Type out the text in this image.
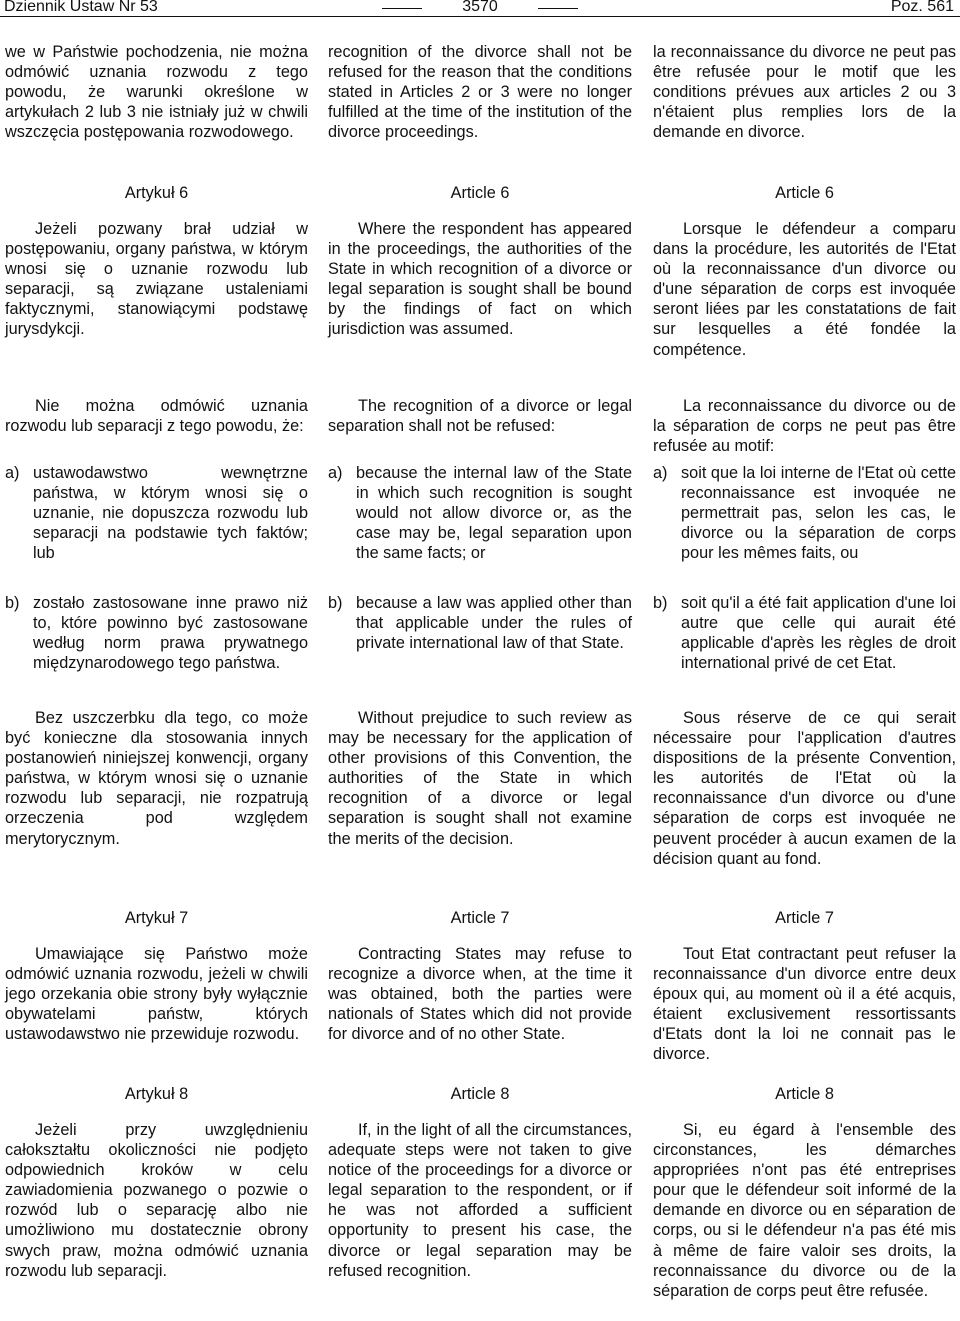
Dziennik Ustaw Nr 53	3570	Poz. 561
we w Państwie pochodzenia, nie można odmówić uznania rozwodu z tego powodu, że warunki określone w artykułach 2 lub 3 nie istniały już w chwili wszczęcia postępowania rozwodowego.
Artykuł 6
Jeżeli pozwany brał udział w postępowaniu, organy państwa, w którym wnosi się o uznanie rozwodu lub separacji, są związane ustaleniami faktycznymi, stanowiącymi podstawę jurysdykcji.
Nie można odmówić uznania rozwodu lub separacji z tego powodu, że:
a) ustawodawstwo wewnętrzne państwa, w którym wnosi się o uznanie, nie dopuszcza rozwodu lub separacji na podstawie tych faktów; lub
b) zostało zastosowane inne prawo niż to, które powinno być zastosowane według norm prawa prywatnego międzynarodowego tego państwa.
Bez uszczerbku dla tego, co może być konieczne dla stosowania innych postanowień niniejszej konwencji, organy państwa, w którym wnosi się o uznanie rozwodu lub separacji, nie rozpatrują orzeczenia pod względem merytorycznym.
Artykuł 7
Umawiające się Państwo może odmówić uznania rozwodu, jeżeli w chwili jego orzekania obie strony były wyłącznie obywatelami państw, których ustawodawstwo nie przewiduje rozwodu.
Artykuł 8
Jeżeli przy uwzględnieniu całokształtu okoliczności nie podjęto odpowiednich kroków w celu zawiadomienia pozwanego o pozwie o rozwód lub o separację albo nie umożliwiono mu dostatecznie obrony swych praw, można odmówić uznania rozwodu lub separacji.
recognition of the divorce shall not be refused for the reason that the conditions stated in Articles 2 or 3 were no longer fulfilled at the time of the institution of the divorce proceedings.
Article 6
Where the respondent has appeared in the proceedings, the authorities of the State in which recognition of a divorce or legal separation is sought shall be bound by the findings of fact on which jurisdiction was assumed.
The recognition of a divorce or legal separation shall not be refused:
a) because the internal law of the State in which such recognition is sought would not allow divorce or, as the case may be, legal separation upon the same facts; or
b) because a law was applied other than that applicable under the rules of private international law of that State.
Without prejudice to such review as may be necessary for the application of other provisions of this Convention, the authorities of the State in which recognition of a divorce or legal separation is sought shall not examine the merits of the decision.
Article 7
Contracting States may refuse to recognize a divorce when, at the time it was obtained, both the parties were nationals of States which did not provide for divorce and of no other State.
Article 8
If, in the light of all the circumstances, adequate steps were not taken to give notice of the proceedings for a divorce or legal separation to the respondent, or if he was not afforded a sufficient opportunity to present his case, the divorce or legal separation may be refused recognition.
la reconnaissance du divorce ne peut pas être refusée pour le motif que les conditions prévues aux articles 2 ou 3 n'étaient plus remplies lors de la demande en divorce.
Article 6
Lorsque le défendeur a comparu dans la procédure, les autorités de l'Etat où la reconnaissance d'un divorce ou d'une séparation de corps est invoquée seront liées par les constatations de fait sur lesquelles a été fondée la compétence.
La reconnaissance du divorce ou de la séparation de corps ne peut pas être refusée au motif:
a) soit que la loi interne de l'Etat où cette reconnaissance est invoquée ne permettrait pas, selon les cas, le divorce ou la séparation de corps pour les mêmes faits, ou
b) soit qu'il a été fait application d'une loi autre que celle qui aurait été applicable d'après les règles de droit international privé de cet Etat.
Sous réserve de ce qui serait nécessaire pour l'application d'autres dispositions de la présente Convention, les autorités de l'Etat où la reconnaissance d'un divorce ou d'une séparation de corps est invoquée ne peuvent procéder à aucun examen de la décision quant au fond.
Article 7
Tout Etat contractant peut refuser la reconnaissance d'un divorce entre deux époux qui, au moment où il a été acquis, étaient exclusivement ressortissants d'Etats dont la loi ne connait pas le divorce.
Article 8
Si, eu égard à l'ensemble des circonstances, les démarches appropriées n'ont pas été entreprises pour que le défendeur soit informé de la demande en divorce ou en séparation de corps, ou si le défendeur n'a pas été mis à même de faire valoir ses droits, la reconnaissance du divorce ou de la séparation de corps peut être refusée.
